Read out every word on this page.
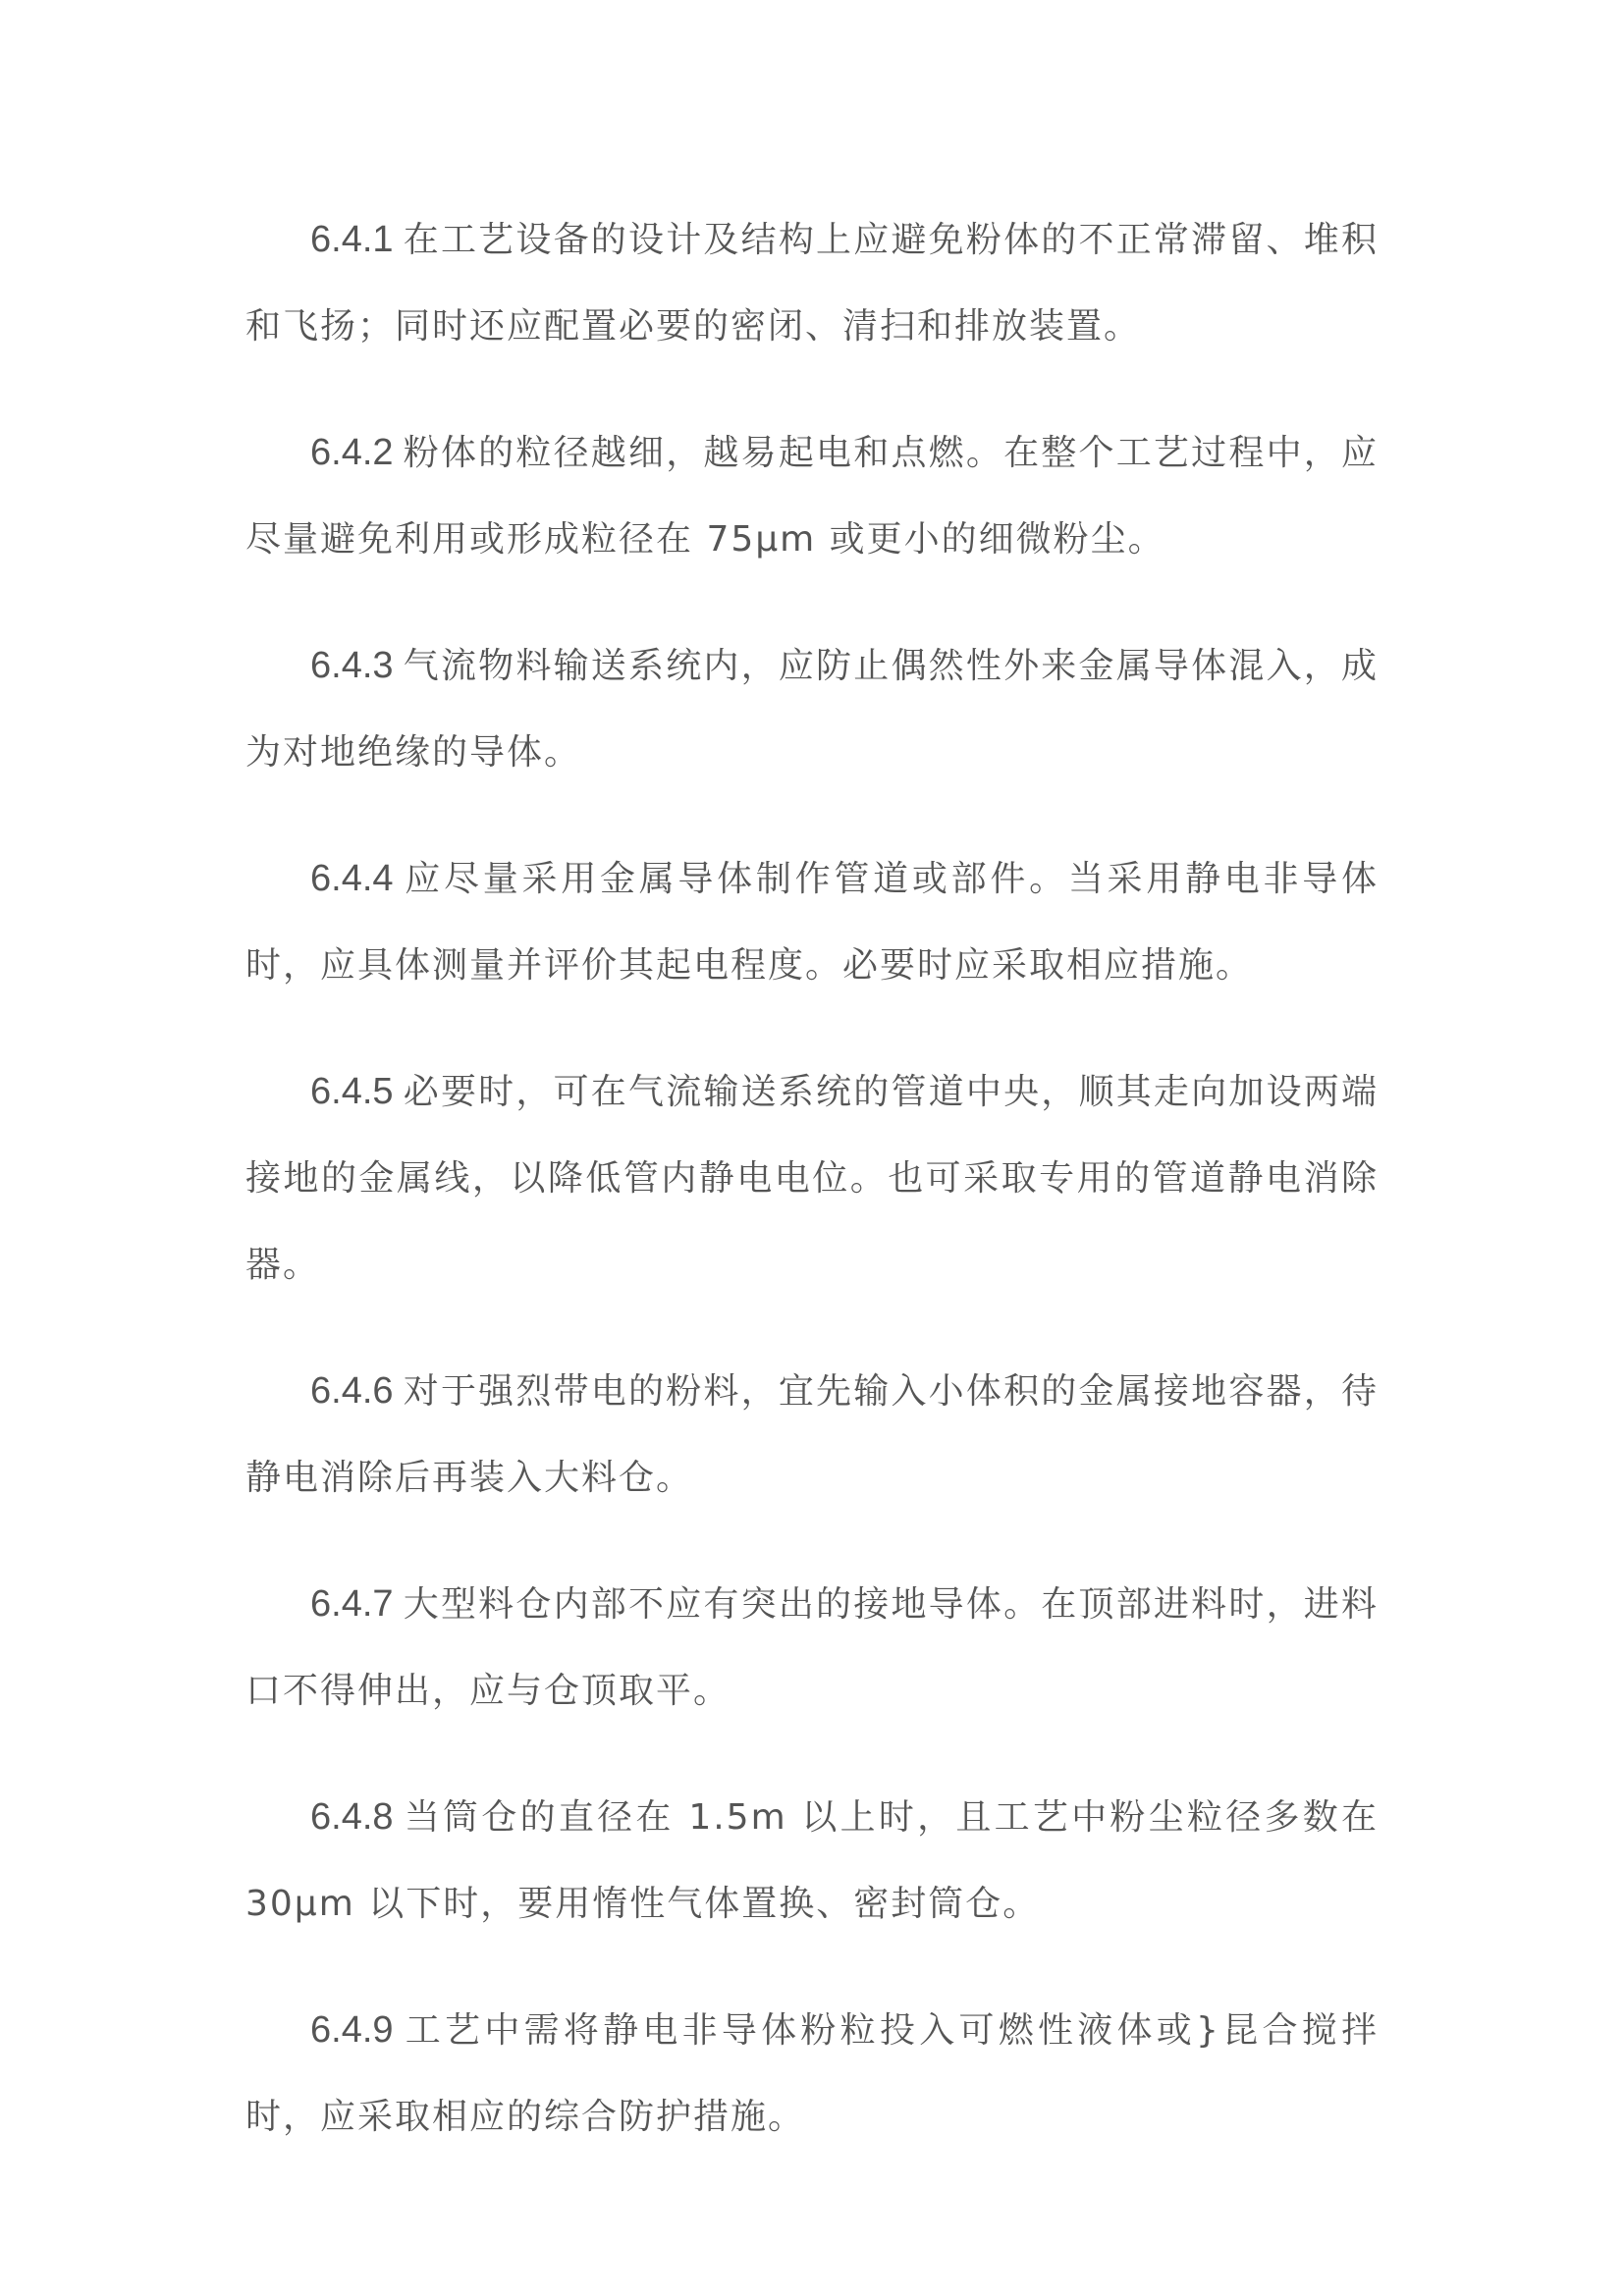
6.4.1 在工艺设备的设计及结构上应避免粉体的不正常滞留、堆积和飞扬；同时还应配置必要的密闭、清扫和排放装置。

6.4.2 粉体的粒径越细，越易起电和点燃。在整个工艺过程中，应尽量避免利用或形成粒径在 75μm 或更小的细微粉尘。

6.4.3 气流物料输送系统内，应防止偶然性外来金属导体混入，成为对地绝缘的导体。

6.4.4 应尽量采用金属导体制作管道或部件。当采用静电非导体时，应具体测量并评价其起电程度。必要时应采取相应措施。

6.4.5 必要时，可在气流输送系统的管道中央，顺其走向加设两端接地的金属线，以降低管内静电电位。也可采取专用的管道静电消除器。

6.4.6 对于强烈带电的粉料，宜先输入小体积的金属接地容器，待静电消除后再装入大料仓。

6.4.7 大型料仓内部不应有突出的接地导体。在顶部进料时，进料口不得伸出，应与仓顶取平。

6.4.8 当筒仓的直径在 1.5m 以上时，且工艺中粉尘粒径多数在 30μm 以下时，要用惰性气体置换、密封筒仓。

6.4.9 工艺中需将静电非导体粉粒投入可燃性液体或}昆合搅拌时，应采取相应的综合防护措施。
